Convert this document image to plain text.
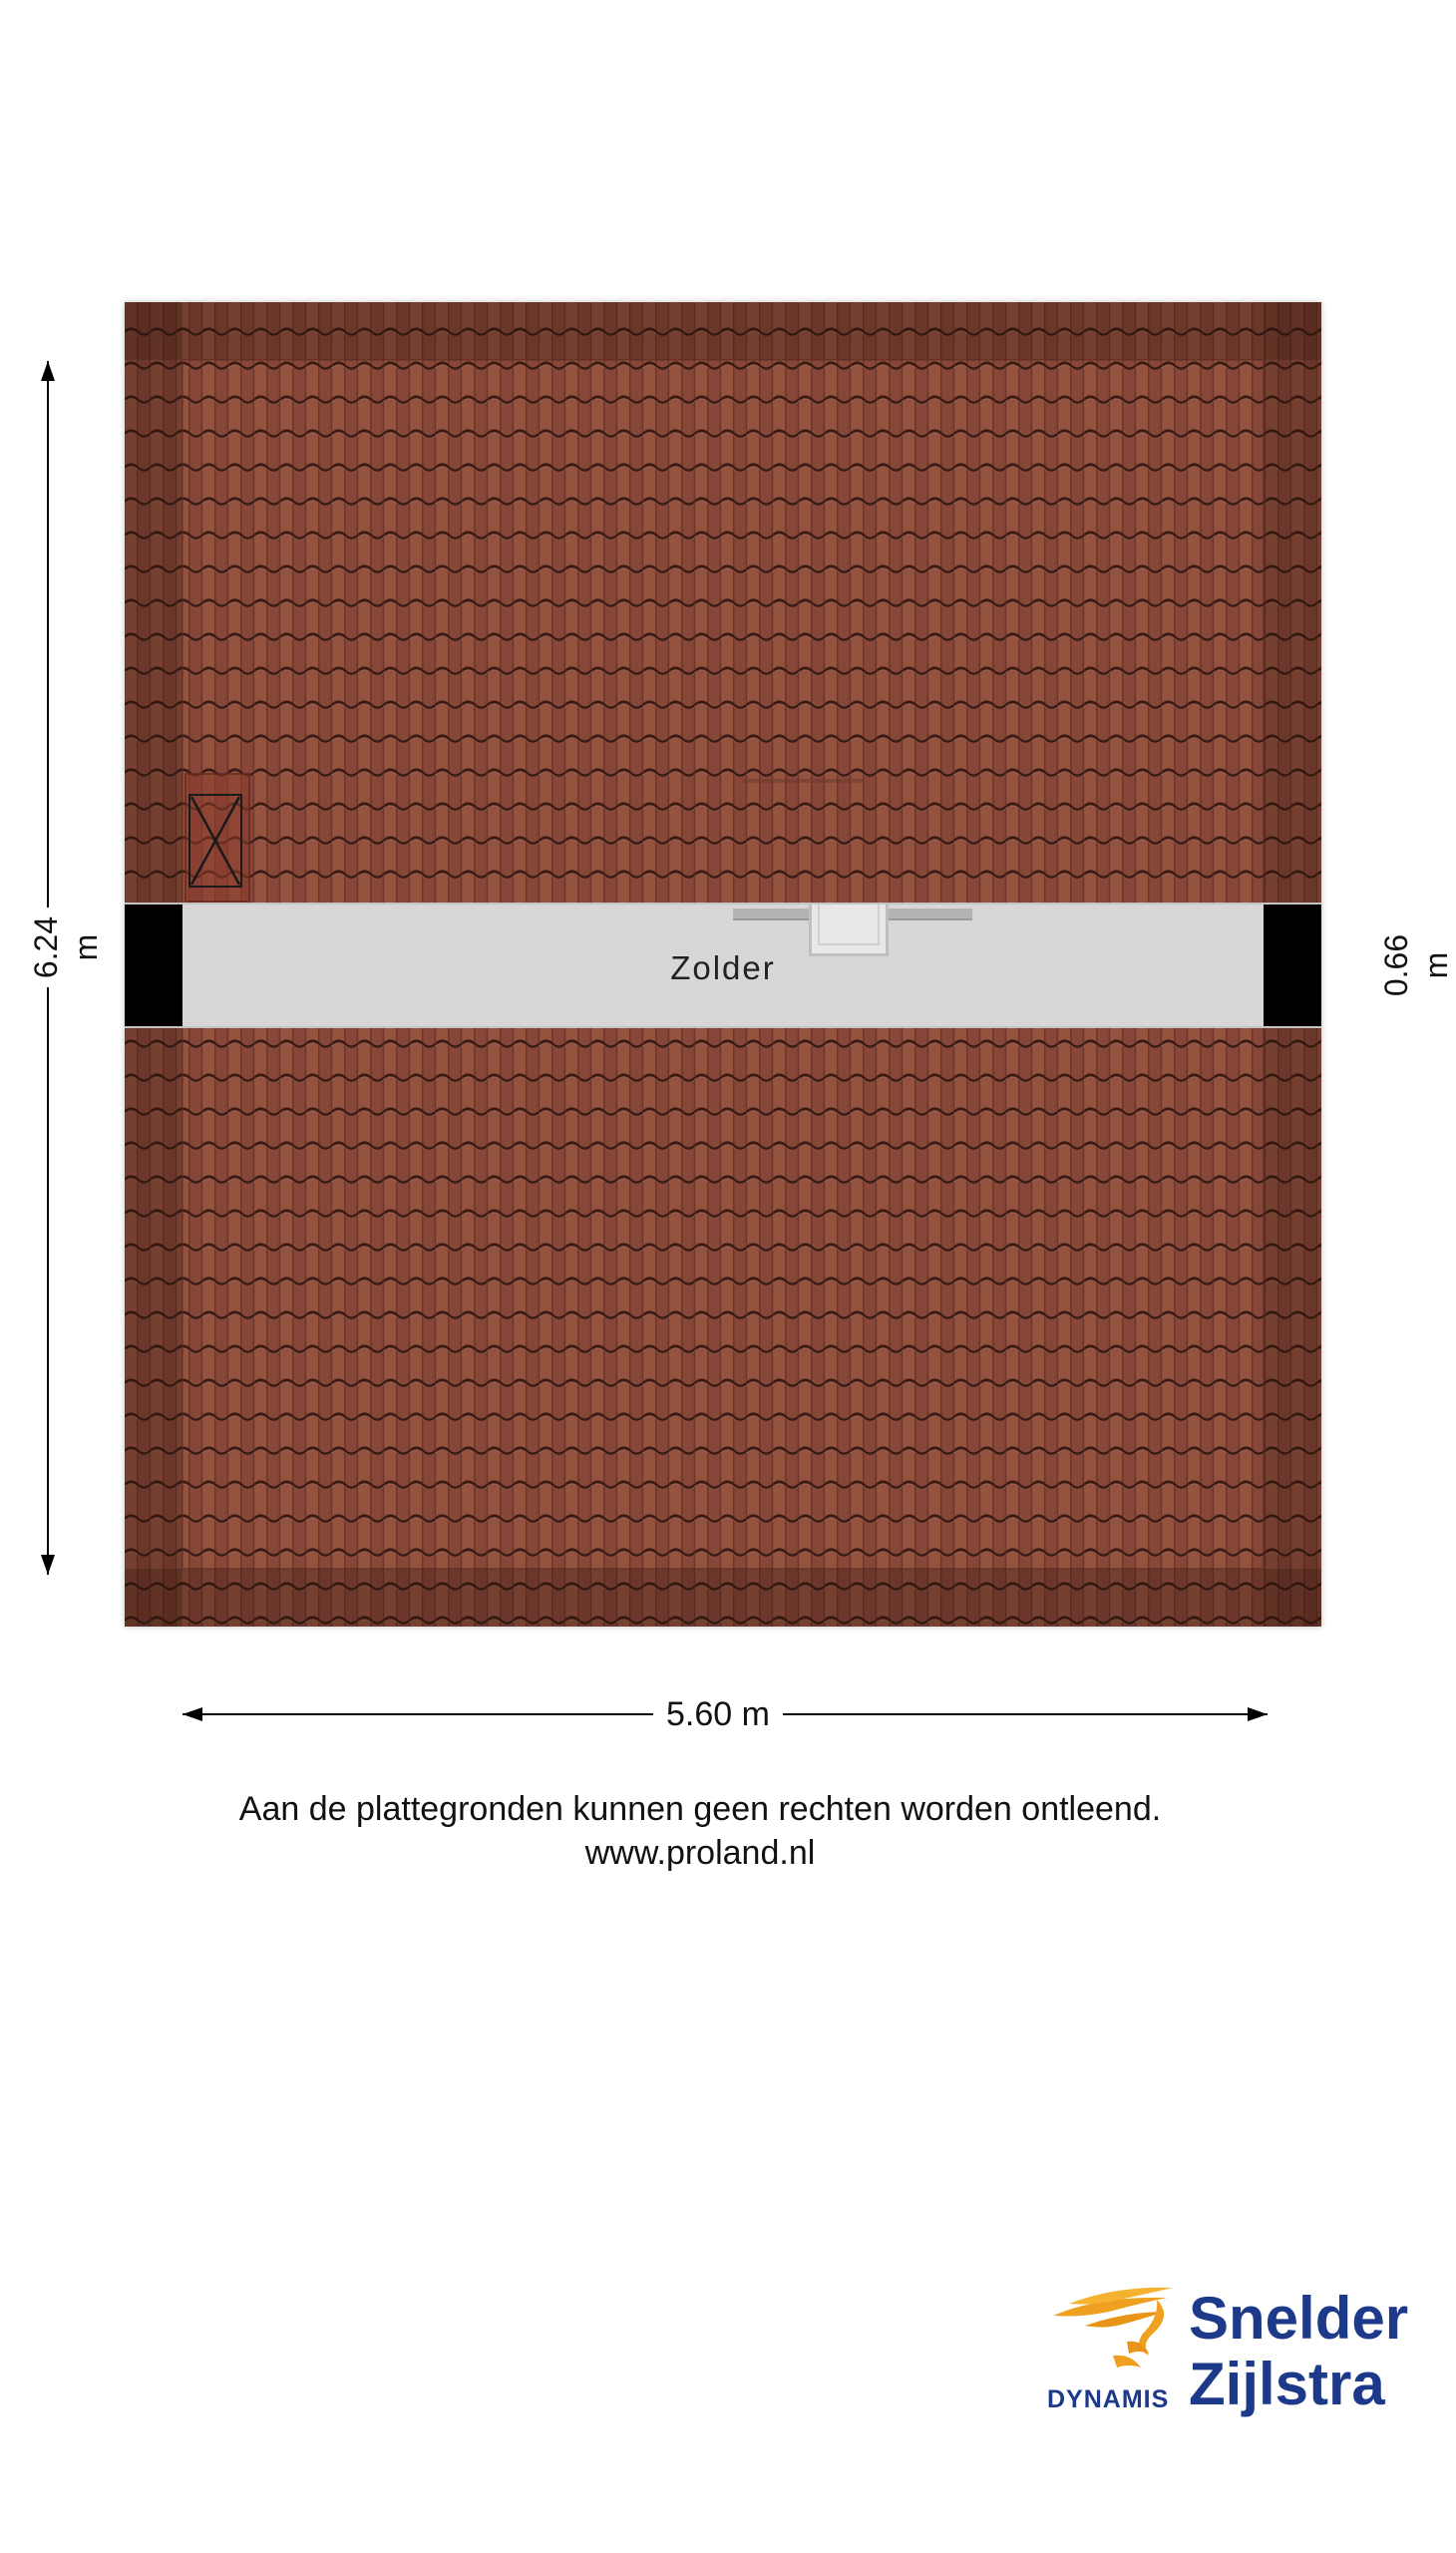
Zolder
6.24 m	0.66 m
5.60 m
Aan de plattegronden kunnen geen rechten worden ontleend.
www.proland.nl
DYNAMIS
Snelder
Zijlstra
